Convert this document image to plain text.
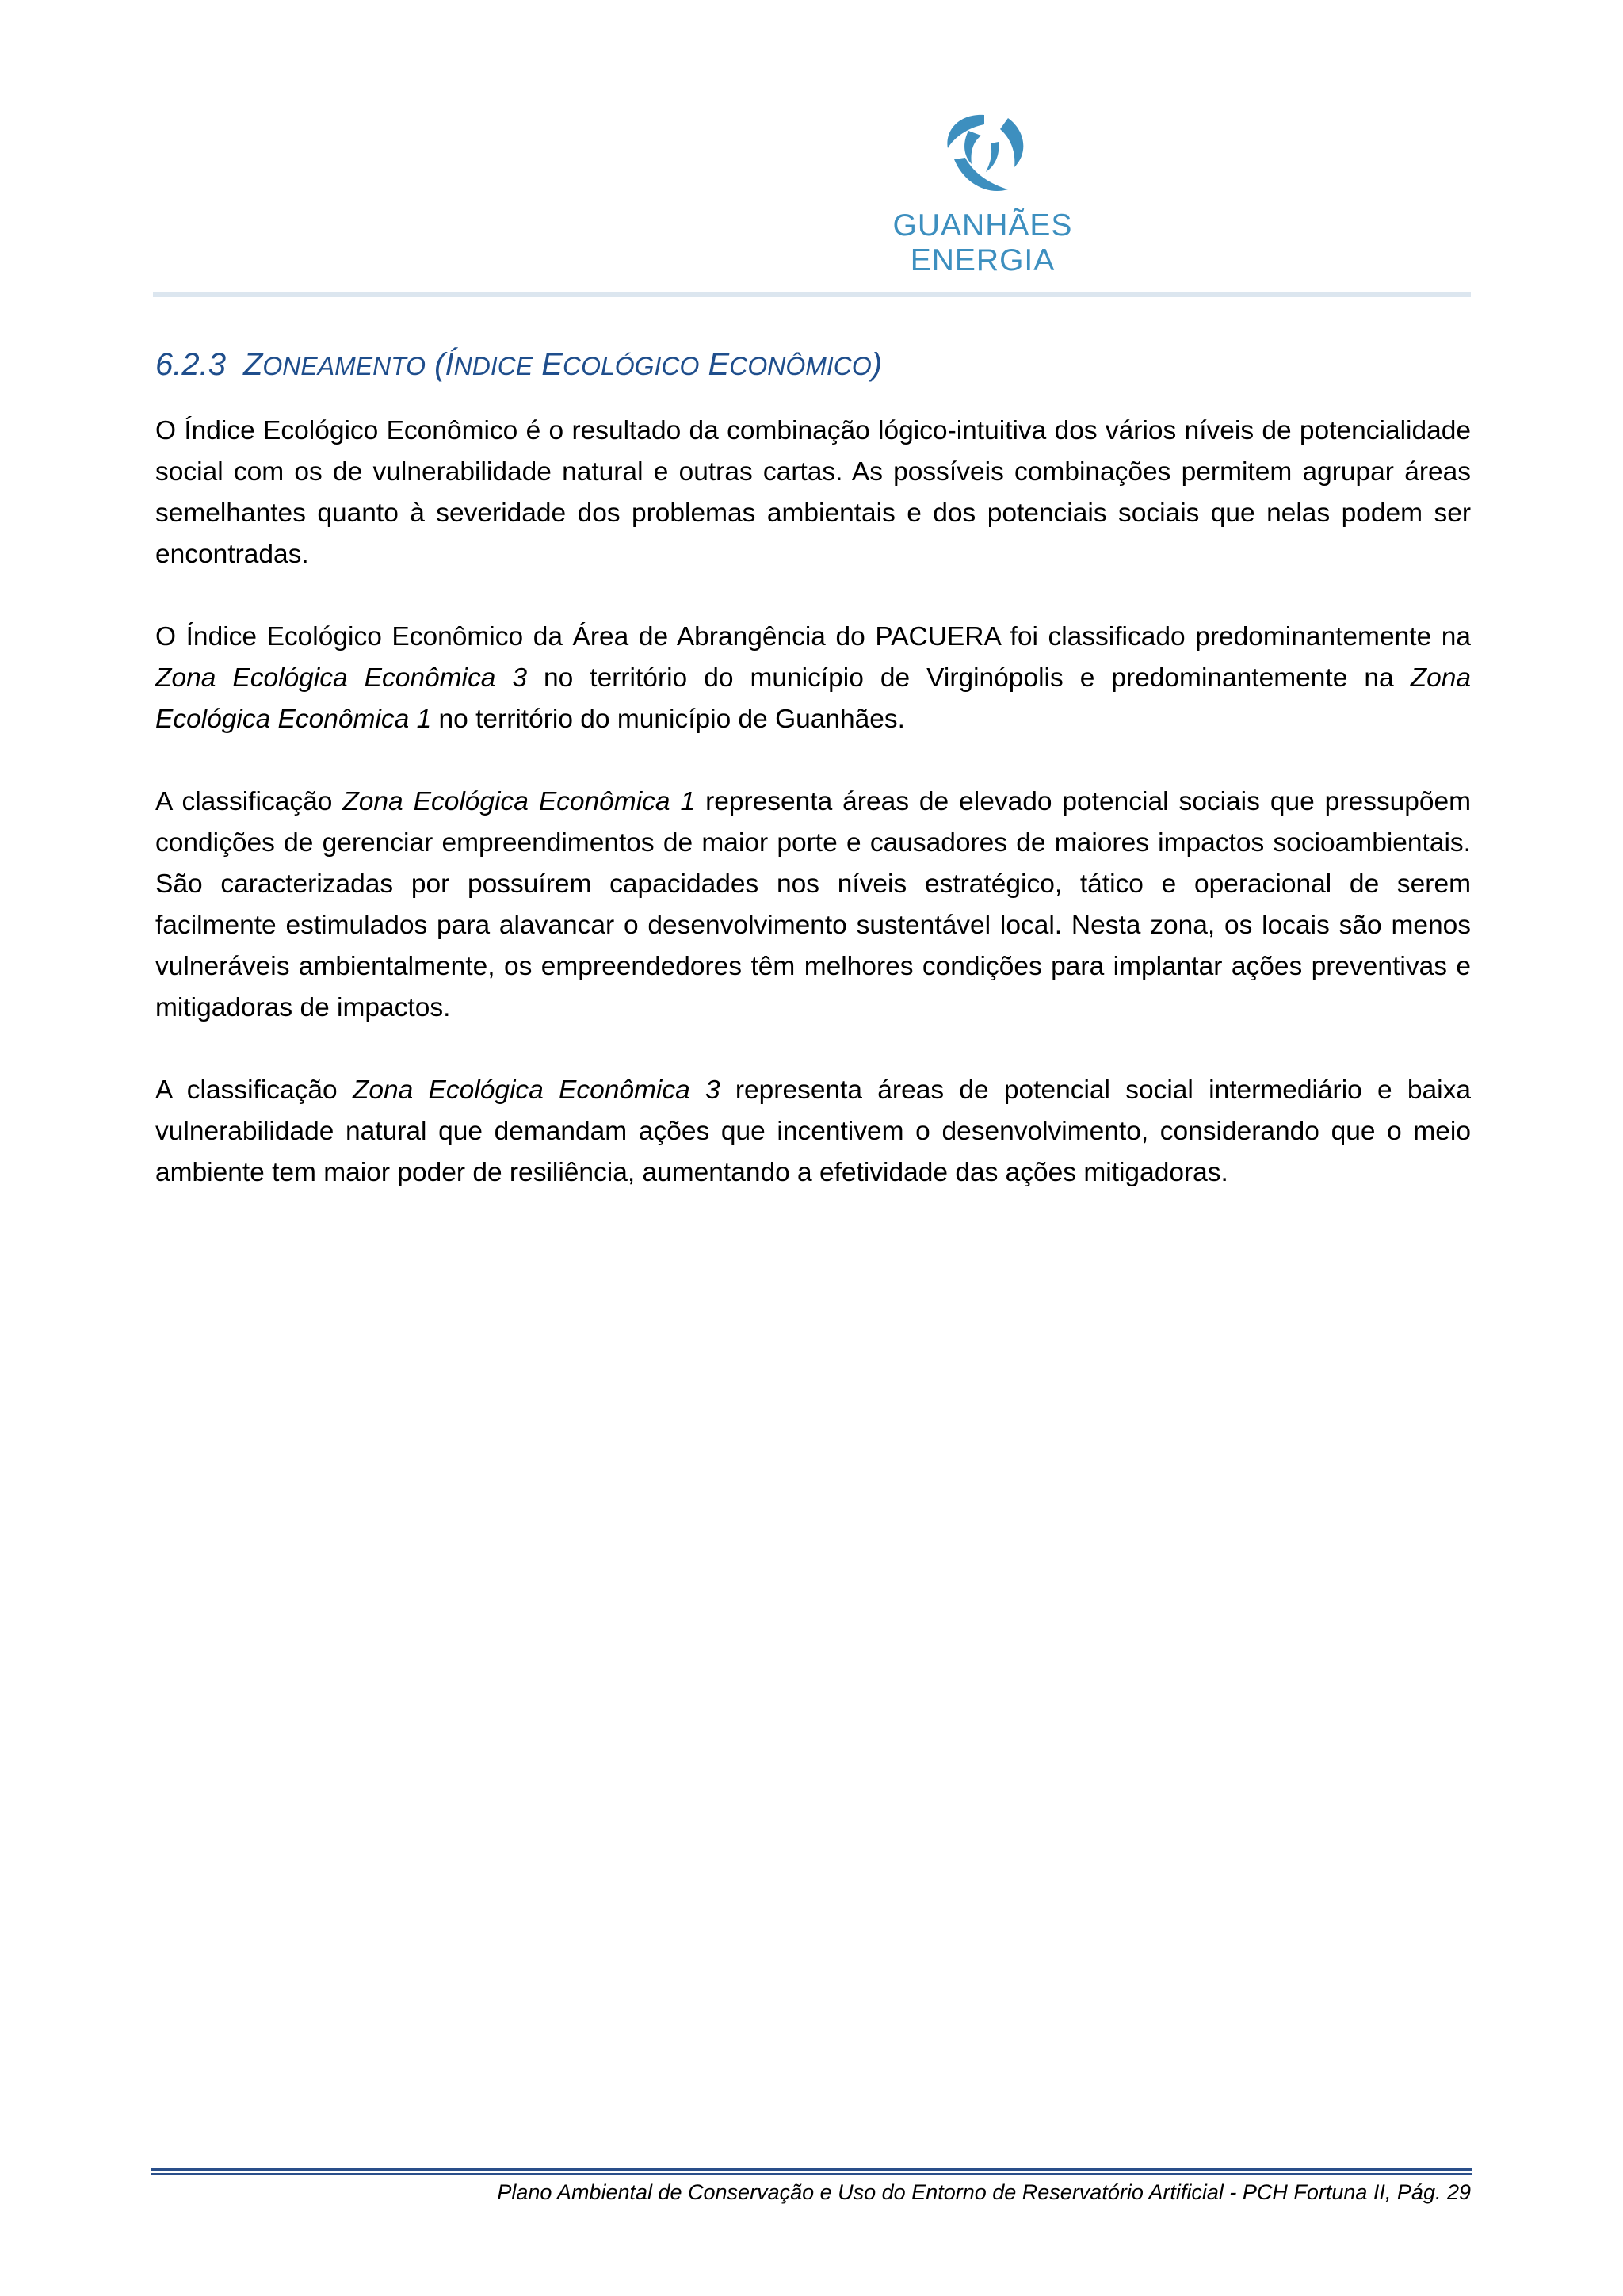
GUANHÃES ENERGIA
6.2.3 ZONEAMENTO (ÍNDICE ECOLÓGICO ECONÔMICO)

O Índice Ecológico Econômico é o resultado da combinação lógico-intuitiva dos vários níveis de potencialidade social com os de vulnerabilidade natural e outras cartas. As possíveis combinações permitem agrupar áreas semelhantes quanto à severidade dos problemas ambientais e dos potenciais sociais que nelas podem ser encontradas.

O Índice Ecológico Econômico da Área de Abrangência do PACUERA foi classificado predominantemente na Zona Ecológica Econômica 3 no território do município de Virginópolis e predominantemente na Zona Ecológica Econômica 1 no território do município de Guanhães.

A classificação Zona Ecológica Econômica 1 representa áreas de elevado potencial sociais que pressupõem condições de gerenciar empreendimentos de maior porte e causadores de maiores impactos socioambientais. São caracterizadas por possuírem capacidades nos níveis estratégico, tático e operacional de serem facilmente estimulados para alavancar o desenvolvimento sustentável local. Nesta zona, os locais são menos vulneráveis ambientalmente, os empreendedores têm melhores condições para implantar ações preventivas e mitigadoras de impactos.

A classificação Zona Ecológica Econômica 3 representa áreas de potencial social intermediário e baixa vulnerabilidade natural que demandam ações que incentivem o desenvolvimento, considerando que o meio ambiente tem maior poder de resiliência, aumentando a efetividade das ações mitigadoras.

Plano Ambiental de Conservação e Uso do Entorno de Reservatório Artificial - PCH Fortuna II, Pág. 29
